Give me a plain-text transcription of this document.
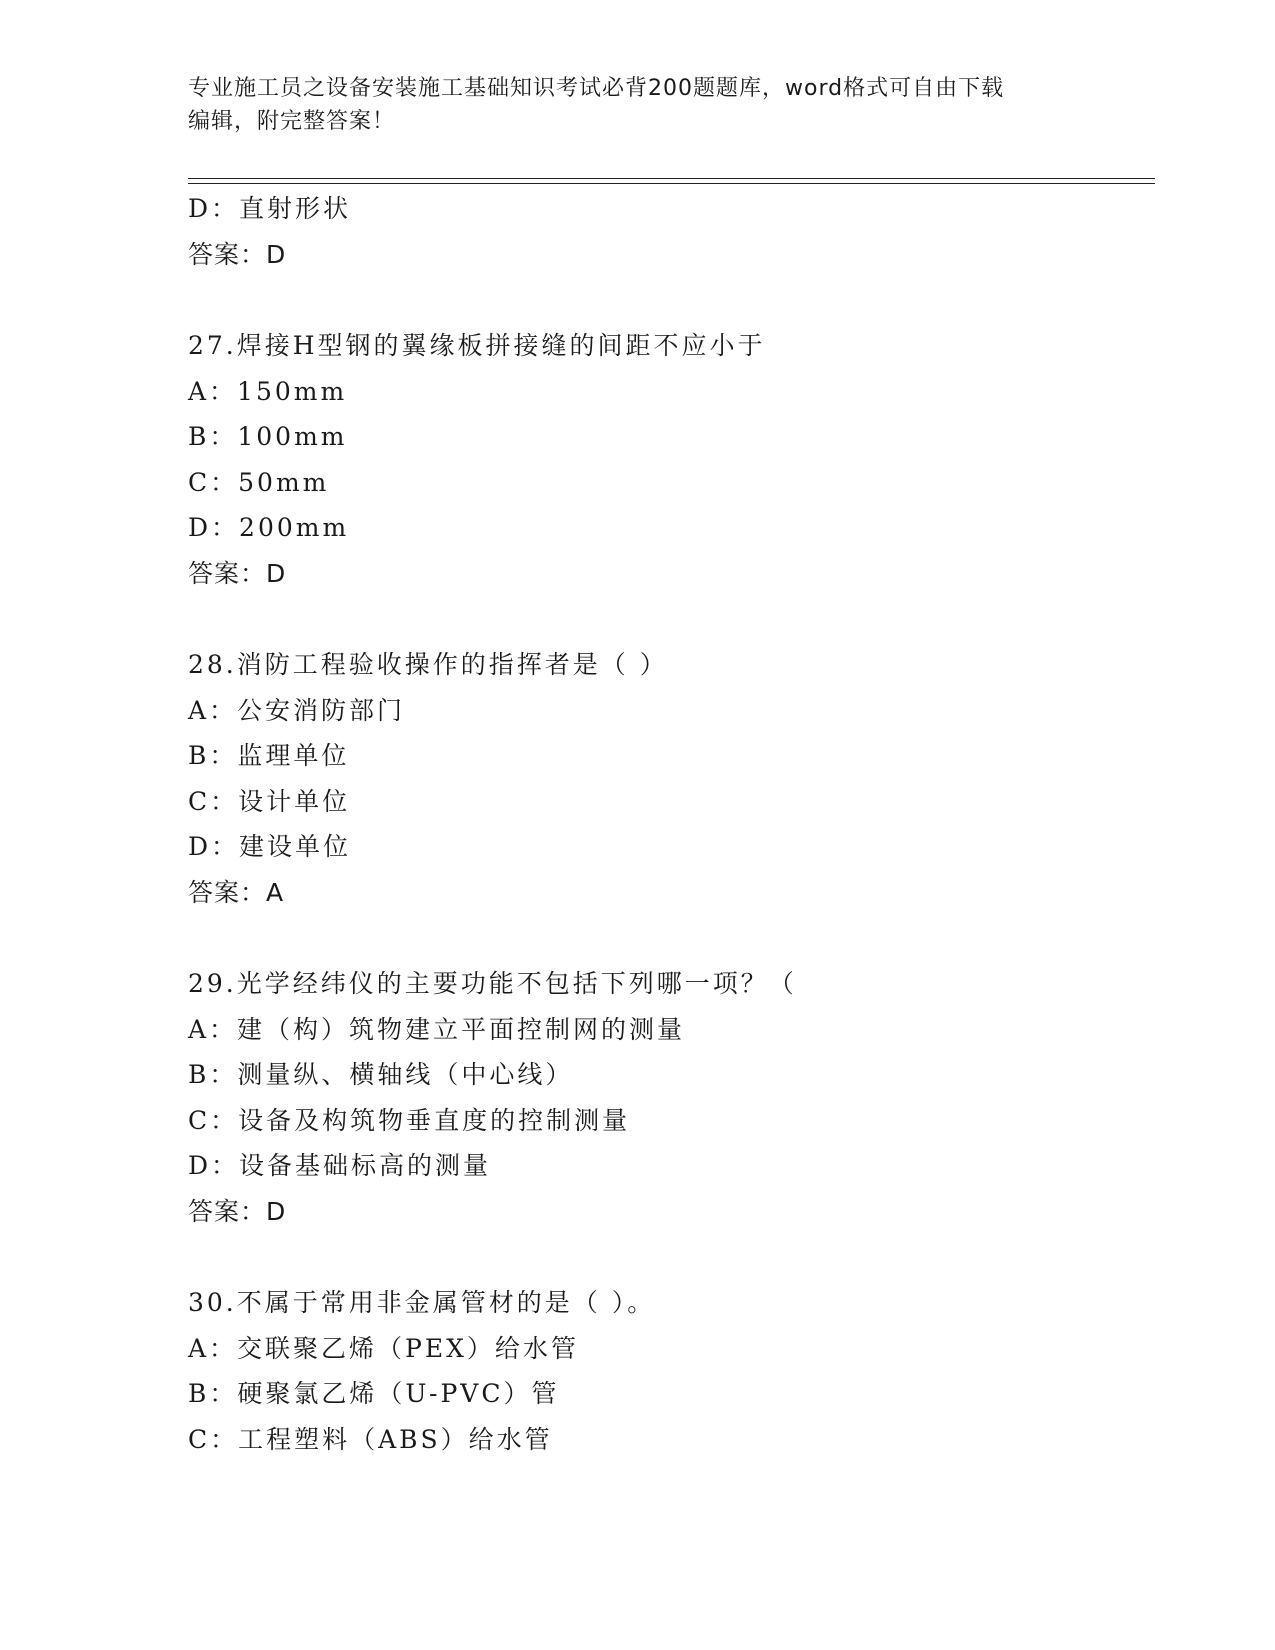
专业施工员之设备安装施工基础知识考试必背200题题库，word格式可自由下载
编辑，附完整答案！
D：直射形状
答案：D
27.焊接H型钢的翼缘板拼接缝的间距不应小于
A：150mm
B：100mm
C：50mm
D：200mm
答案：D
28.消防工程验收操作的指挥者是（ ）
A：公安消防部门
B：监理单位
C：设计单位
D：建设单位
答案：A
29.光学经纬仪的主要功能不包括下列哪一项？（
A：建（构）筑物建立平面控制网的测量
B：测量纵、横轴线（中心线）
C：设备及构筑物垂直度的控制测量
D：设备基础标高的测量
答案：D
30.不属于常用非金属管材的是（ ）。
A：交联聚乙烯（PEX）给水管
B：硬聚氯乙烯（U-PVC）管
C：工程塑料（ABS）给水管
